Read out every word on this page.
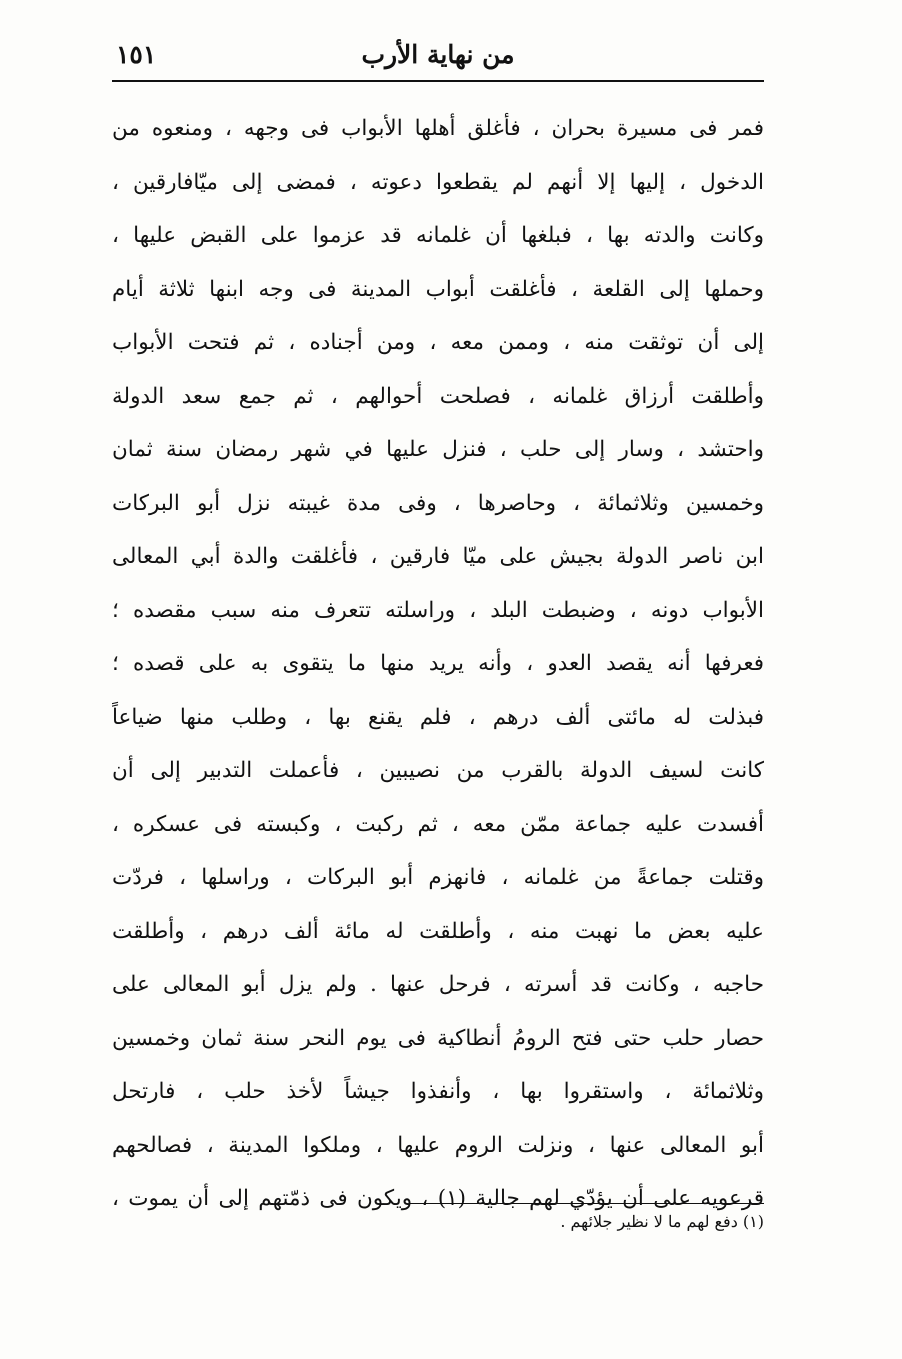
من نهاية الأرب
١٥١
فمر فى مسيرة بحران ، فأغلق أهلها الأبواب فى وجهه ، ومنعوه من
الدخول ، إليها إلا أنهم لم يقطعوا دعوته ، فمضى إلى ميّافارقين ،
وكانت والدته بها ، فبلغها أن غلمانه قد عزموا على القبض عليها ،
وحملها إلى القلعة ، فأغلقت أبواب المدينة فى وجه ابنها ثلاثة أيام
إلى أن توثقت منه ، وممن معه ، ومن أجناده ، ثم فتحت الأبواب
وأطلقت أرزاق غلمانه ، فصلحت أحوالهم ، ثم جمع سعد الدولة
واحتشد ، وسار إلى حلب ، فنزل عليها في شهر رمضان سنة ثمان
وخمسين وثلاثمائة ، وحاصرها ، وفى مدة غيبته نزل أبو البركات
ابن ناصر الدولة بجيش على ميّا فارقين ، فأغلقت والدة أبي المعالى
الأبواب دونه ، وضبطت البلد ، وراسلته تتعرف منه سبب مقصده ؛
فعرفها أنه يقصد العدو ، وأنه يريد منها ما يتقوى به على قصده ؛
فبذلت له مائتى ألف درهم ، فلم يقنع بها ، وطلب منها ضياعاً
كانت لسيف الدولة بالقرب من نصيبين ، فأعملت التدبير إلى أن
أفسدت عليه جماعة ممّن معه ، ثم ركبت ، وكبسته فى عسكره ،
وقتلت جماعةً من غلمانه ، فانهزم أبو البركات ، وراسلها ، فردّت
عليه بعض ما نهبت منه ، وأطلقت له مائة ألف درهم ، وأطلقت
حاجبه ، وكانت قد أسرته ، فرحل عنها . ولم يزل أبو المعالى على
حصار حلب حتى فتح الرومُ أنطاكية فى يوم النحر سنة ثمان وخمسين
وثلاثمائة ، واستقروا بها ، وأنفذوا جيشاً لأخذ حلب ، فارتحل
أبو المعالى عنها ، ونزلت الروم عليها ، وملكوا المدينة ، فصالحهم
قرعويه على أن يؤدّي لهم جالية (١) ، ويكون فى ذمّتهم إلى أن يموت ،
(١) دفع لهم ما لا نظير جلائهم .
